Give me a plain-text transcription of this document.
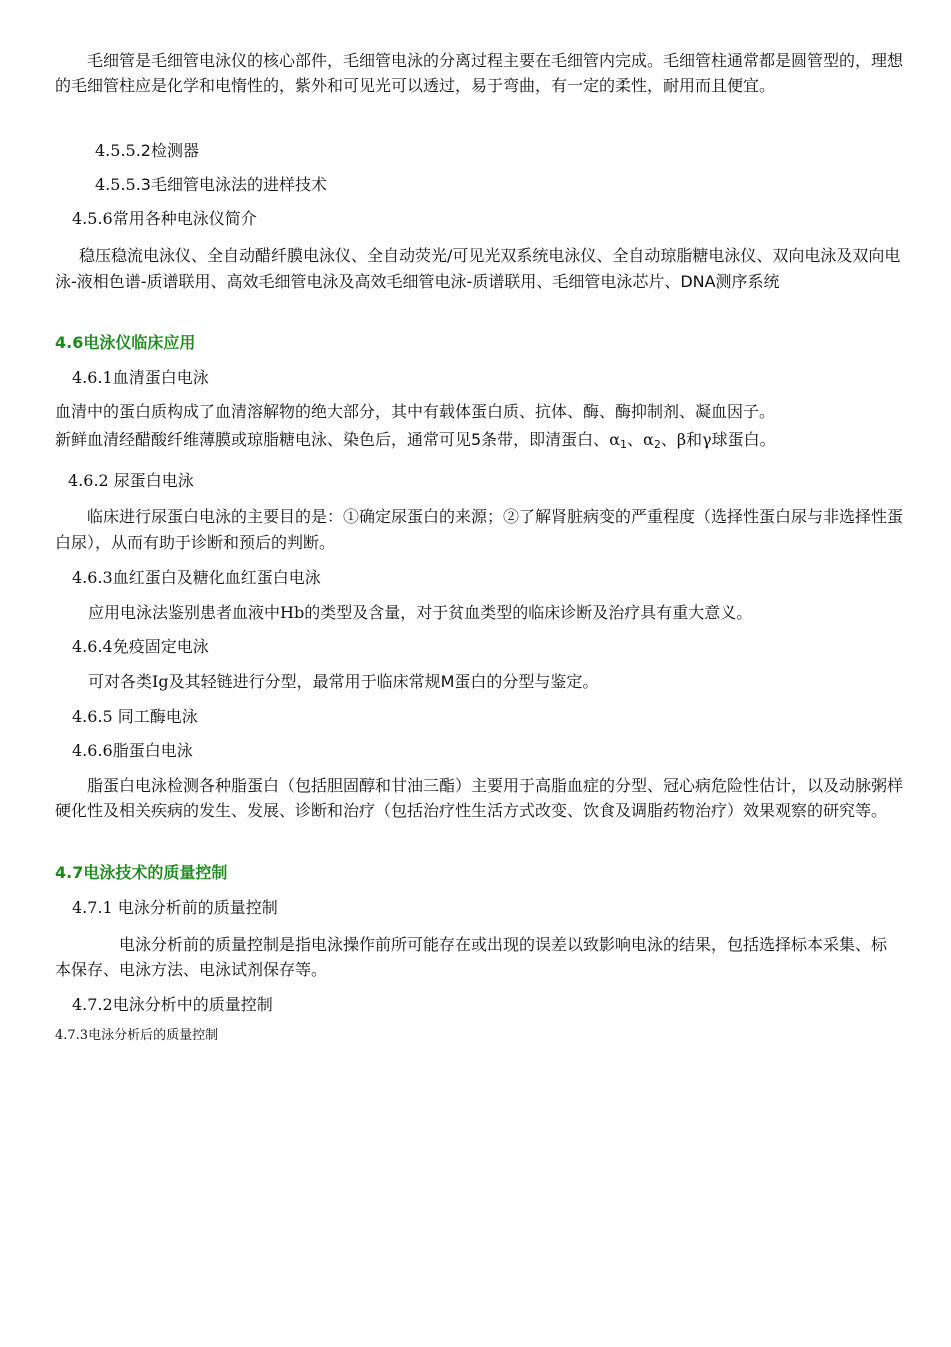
毛细管是毛细管电泳仪的核心部件，毛细管电泳的分离过程主要在毛细管内完成。毛细管柱通常都是圆管型的，理想的毛细管柱应是化学和电惰性的，紫外和可见光可以透过，易于弯曲，有一定的柔性，耐用而且便宜。
4.5.5.2检测器
4.5.5.3毛细管电泳法的进样技术
4.5.6常用各种电泳仪简介
稳压稳流电泳仪、全自动醋纤膜电泳仪、全自动荧光/可见光双系统电泳仪、全自动琼脂糖电泳仪、双向电泳及双向电泳-液相色谱-质谱联用、高效毛细管电泳及高效毛细管电泳-质谱联用、毛细管电泳芯片、DNA测序系统
4.6电泳仪临床应用
4.6.1血清蛋白电泳
血清中的蛋白质构成了血清溶解物的绝大部分，其中有载体蛋白质、抗体、酶、酶抑制剂、凝血因子。
新鲜血清经醋酸纤维薄膜或琼脂糖电泳、染色后，通常可见5条带，即清蛋白、$\alpha_1$、$\alpha_2$、β和γ球蛋白。
4.6.2 尿蛋白电泳
临床进行尿蛋白电泳的主要目的是：①确定尿蛋白的来源；②了解肾脏病变的严重程度（选择性蛋白尿与非选择性蛋白尿），从而有助于诊断和预后的判断。
4.6.3血红蛋白及糖化血红蛋白电泳
应用电泳法鉴别患者血液中Hb的类型及含量，对于贫血类型的临床诊断及治疗具有重大意义。
4.6.4免疫固定电泳
可对各类Ig及其轻链进行分型，最常用于临床常规M蛋白的分型与鉴定。
4.6.5 同工酶电泳
4.6.6脂蛋白电泳
脂蛋白电泳检测各种脂蛋白（包括胆固醇和甘油三酯）主要用于高脂血症的分型、冠心病危险性估计，以及动脉粥样硬化性及相关疾病的发生、发展、诊断和治疗（包括治疗性生活方式改变、饮食及调脂药物治疗）效果观察的研究等。
4.7电泳技术的质量控制
4.7.1 电泳分析前的质量控制
电泳分析前的质量控制是指电泳操作前所可能存在或出现的误差以致影响电泳的结果，包括选择标本采集、标本保存、电泳方法、电泳试剂保存等。
4.7.2电泳分析中的质量控制
4.7.3电泳分析后的质量控制
